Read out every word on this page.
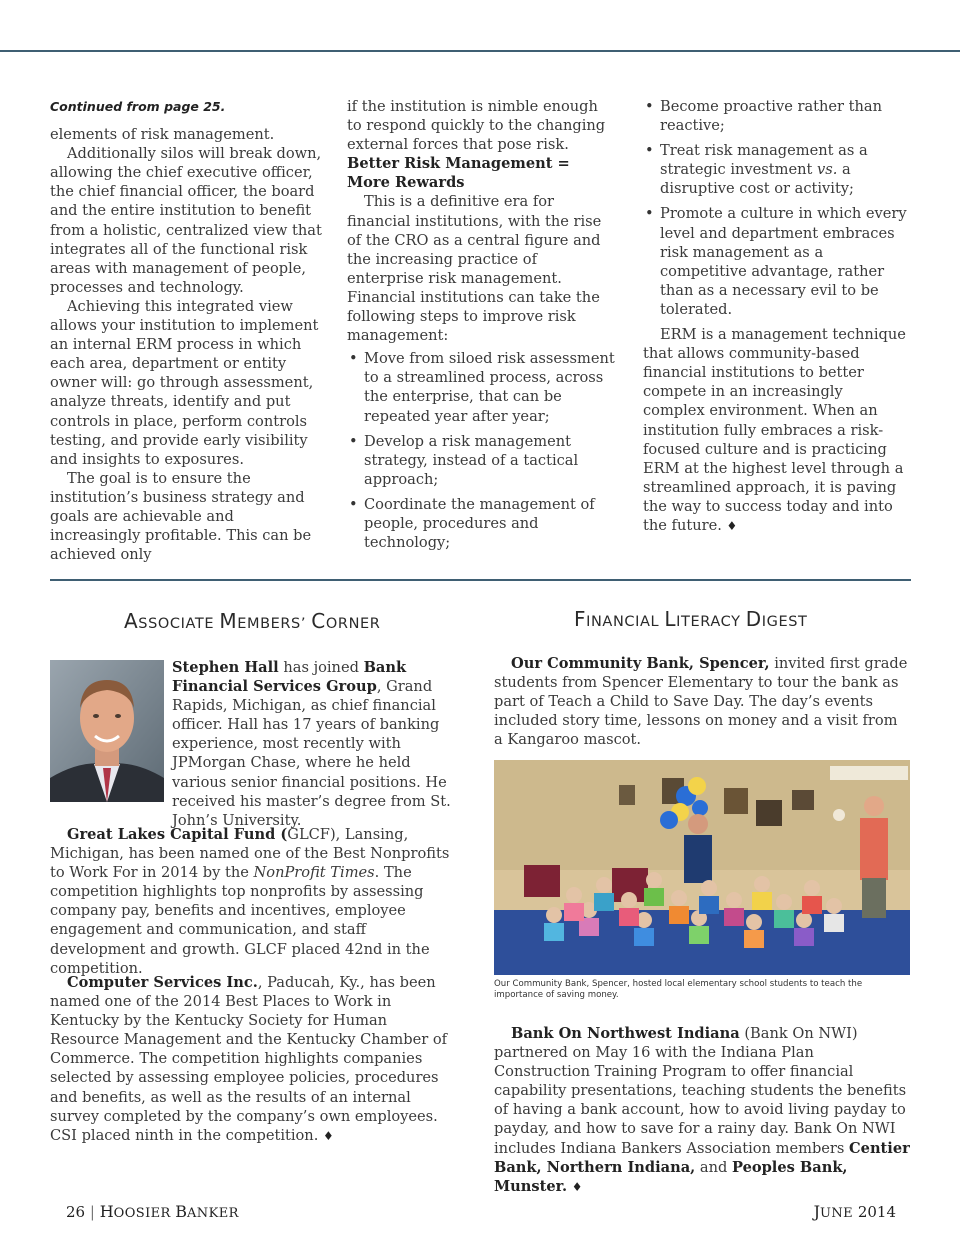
Continued from page 25.

elements of risk management.

Additionally silos will break down, allowing the chief executive officer, the chief financial officer, the board and the entire institution to benefit from a holistic, centralized view that integrates all of the functional risk areas with management of people, processes and technology.

Achieving this integrated view allows your institution to implement an internal ERM process in which each area, department or entity owner will: go through assessment, analyze threats, identify and put controls in place, perform controls testing, and provide early visibility and insights to exposures.

The goal is to ensure the institution’s business strategy and goals are achievable and increasingly profitable. This can be achieved only

if the institution is nimble enough to respond quickly to the changing external forces that pose risk.

Better Risk Management = More Rewards

This is a definitive era for financial institutions, with the rise of the CRO as a central figure and the increasing practice of enterprise risk management. Financial institutions can take the following steps to improve risk management:

• Move from siloed risk assessment to a streamlined process, across the enterprise, that can be repeated year after year;
• Develop a risk management strategy, instead of a tactical approach;
• Coordinate the management of people, procedures and technology;
• Become proactive rather than reactive;
• Treat risk management as a strategic investment vs. a disruptive cost or activity;
• Promote a culture in which every level and department embraces risk management as a competitive advantage, rather than as a necessary evil to be tolerated.

ERM is a management technique that allows community-based financial institutions to better compete in an increasingly complex environment. When an institution fully embraces a risk-focused culture and is practicing ERM at the highest level through a streamlined approach, it is paving the way to success today and into the future. ♦

ASSOCIATE MEMBERS’ CORNER

Stephen Hall has joined Bank Financial Services Group, Grand Rapids, Michigan, as chief financial officer. Hall has 17 years of banking experience, most recently with JPMorgan Chase, where he held various senior financial positions. He received his master’s degree from St. John’s University.

Great Lakes Capital Fund (GLCF), Lansing, Michigan, has been named one of the Best Nonprofits to Work For in 2014 by the NonProfit Times. The competition highlights top nonprofits by assessing company pay, benefits and incentives, employee engagement and communication, and staff development and growth. GLCF placed 42nd in the competition.

Computer Services Inc., Paducah, Ky., has been named one of the 2014 Best Places to Work in Kentucky by the Kentucky Society for Human Resource Management and the Kentucky Chamber of Commerce. The competition highlights companies selected by assessing employee policies, procedures and benefits, as well as the results of an internal survey completed by the company’s own employees. CSI placed ninth in the competition. ♦

FINANCIAL LITERACY DIGEST

Our Community Bank, Spencer, invited first grade students from Spencer Elementary to tour the bank as part of Teach a Child to Save Day. The day’s events included story time, lessons on money and a visit from a Kangaroo mascot.

Our Community Bank, Spencer, hosted local elementary school students to teach the importance of saving money.

Bank On Northwest Indiana (Bank On NWI) partnered on May 16 with the Indiana Plan Construction Training Program to offer financial capability presentations, teaching students the benefits of having a bank account, how to avoid living payday to payday, and how to save for a rainy day. Bank On NWI includes Indiana Bankers Association members Centier Bank, Northern Indiana, and Peoples Bank, Munster. ♦

26 | HOOSIER BANKER	JUNE 2014
